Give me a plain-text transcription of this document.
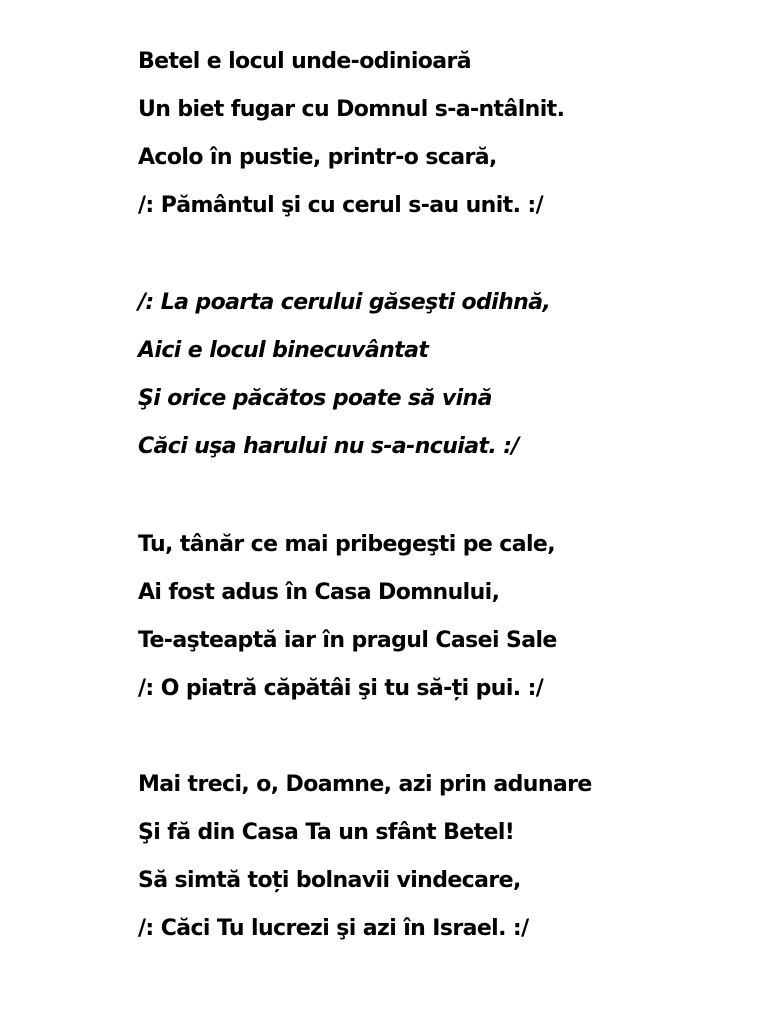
Betel e locul unde-odinioară

Un biet fugar cu Domnul s-a-ntâlnit.

Acolo în pustie, printr-o scară,

/: Pământul şi cu cerul s-au unit. :/

/: La poarta cerului găseşti odihnă,

Aici e locul binecuvântat

Şi orice păcătos poate să vină

Căci uşa harului nu s-a-ncuiat. :/

Tu, tânăr ce mai pribegeşti pe cale,

Ai fost adus în Casa Domnului,

Te-aşteaptă iar în pragul Casei Sale

/: O piatră căpătâi şi tu să-ți pui. :/

Mai treci, o, Doamne, azi prin adunare

Şi fă din Casa Ta un sfânt Betel!

Să simtă toți bolnavii vindecare,

/: Căci Tu lucrezi şi azi în Israel. :/
